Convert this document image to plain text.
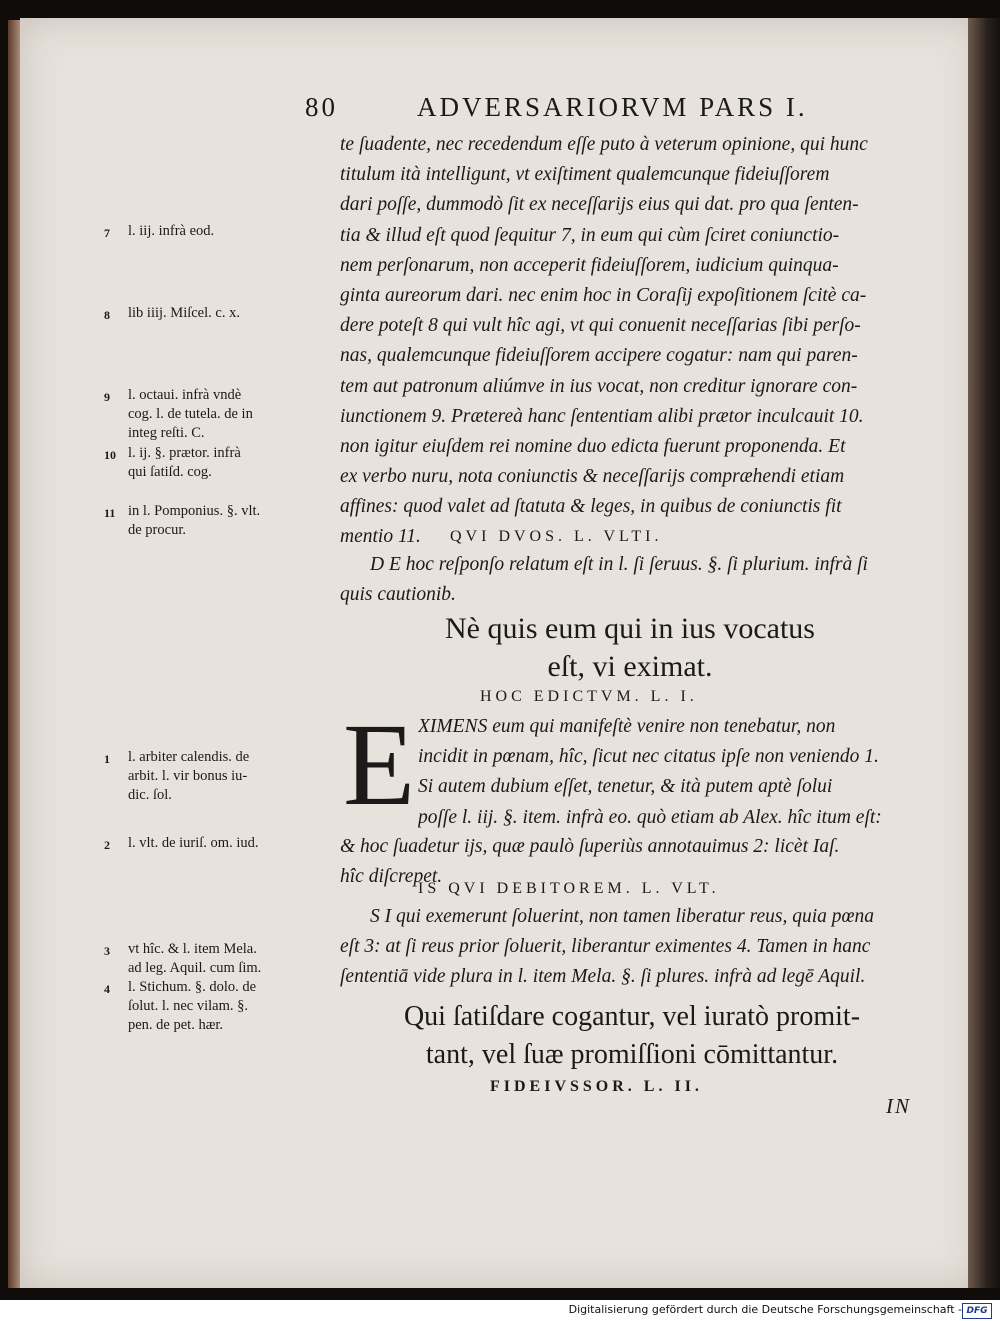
80	ADVERSARIORVM PARS I.
te ſuadente, nec recedendum eſſe puto à veterum opinione, qui hunc
titulum ità intelligunt, vt exiſtiment qualemcunque fideiuſſorem
dari poſſe, dummodò ſit ex neceſſarijs eius qui dat. pro qua ſenten-
tia & illud eſt quod ſequitur 7, in eum qui cùm ſciret coniunctio-
nem perſonarum, non acceperit fideiuſſorem, iudicium quinqua-
ginta aureorum dari. nec enim hoc in Coraſij expoſitionem ſcitè ca-
dere poteſt 8 qui vult hîc agi, vt qui conuenit neceſſarias ſibi perſo-
nas, qualemcunque fideiuſſorem accipere cogatur: nam qui paren-
tem aut patronum aliúmve in ius vocat, non creditur ignorare con-
iunctionem 9. Prӕtereà hanc ſententiam alibi prӕtor inculcauit 10.
non igitur eiuſdem rei nomine duo edicta fuerunt proponenda. Et
ex verbo nuru, nota coniunctis & neceſſarijs comprӕhendi etiam
affines: quod valet ad ſtatuta & leges, in quibus de coniunctis fit
mentio 11.	QVI DVOS. L. VLTI.
D E hoc reſponſo relatum eſt in l. ſi ſeruus. §. ſi plurium. infrà ſi
quis cautionib.
Nè quis eum qui in ius vocatus
eſt, vi eximat.
HOC EDICTVM. L. I.
E XIMENS eum qui manifeſtè venire non tenebatur, non
incidit in pœnam, hîc, ſicut nec citatus ipſe non veniendo 1.
Si autem dubium eſſet, tenetur, & ità putem aptè ſolui
poſſe l. iij. §. item. infrà eo. quò etiam ab Alex. hîc itum eſt:
& hoc ſuadetur ijs, quӕ paulò ſuperiùs annotauimus 2: licèt Iaſ.
hîc diſcrepet.
IS QVI DEBITOREM. L. VLT.
S I qui exemerunt ſoluerint, non tamen liberatur reus, quia pœna
eſt 3: at ſi reus prior ſoluerit, liberantur eximentes 4. Tamen in hanc
ſententiā vide plura in l. item Mela. §. ſi plures. infrà ad legē Aquil.
Qui ſatiſdare cogantur, vel iuratò promit-
tant, vel ſuӕ promiſſioni cōmittantur.
FIDEIVSSOR. L. II.
IN
7 l. iij. infrà eod.
8 lib iiij. Miſcel. c. x.
9 l. octaui. infrà vndè
cog. l. de tutela. de in
integ reſti. C.
10 l. ij. §. prӕtor. infrà
qui ſatiſd. cog.
11 in l. Pomponius. §. vlt.
de procur.
1 l. arbiter calendis. de
arbit. l. vir bonus iu-
dic. ſol.
2 l. vlt. de iuriſ. om. iud.
3 vt hîc. & l. item Mela.
ad leg. Aquil. cum ſim.
4 l. Stichum. §. dolo. de
ſolut. l. nec vilam. §.
pen. de pet. hӕr.
Digitalisierung gefördert durch die Deutsche Forschungsgemeinschaft - DFG
